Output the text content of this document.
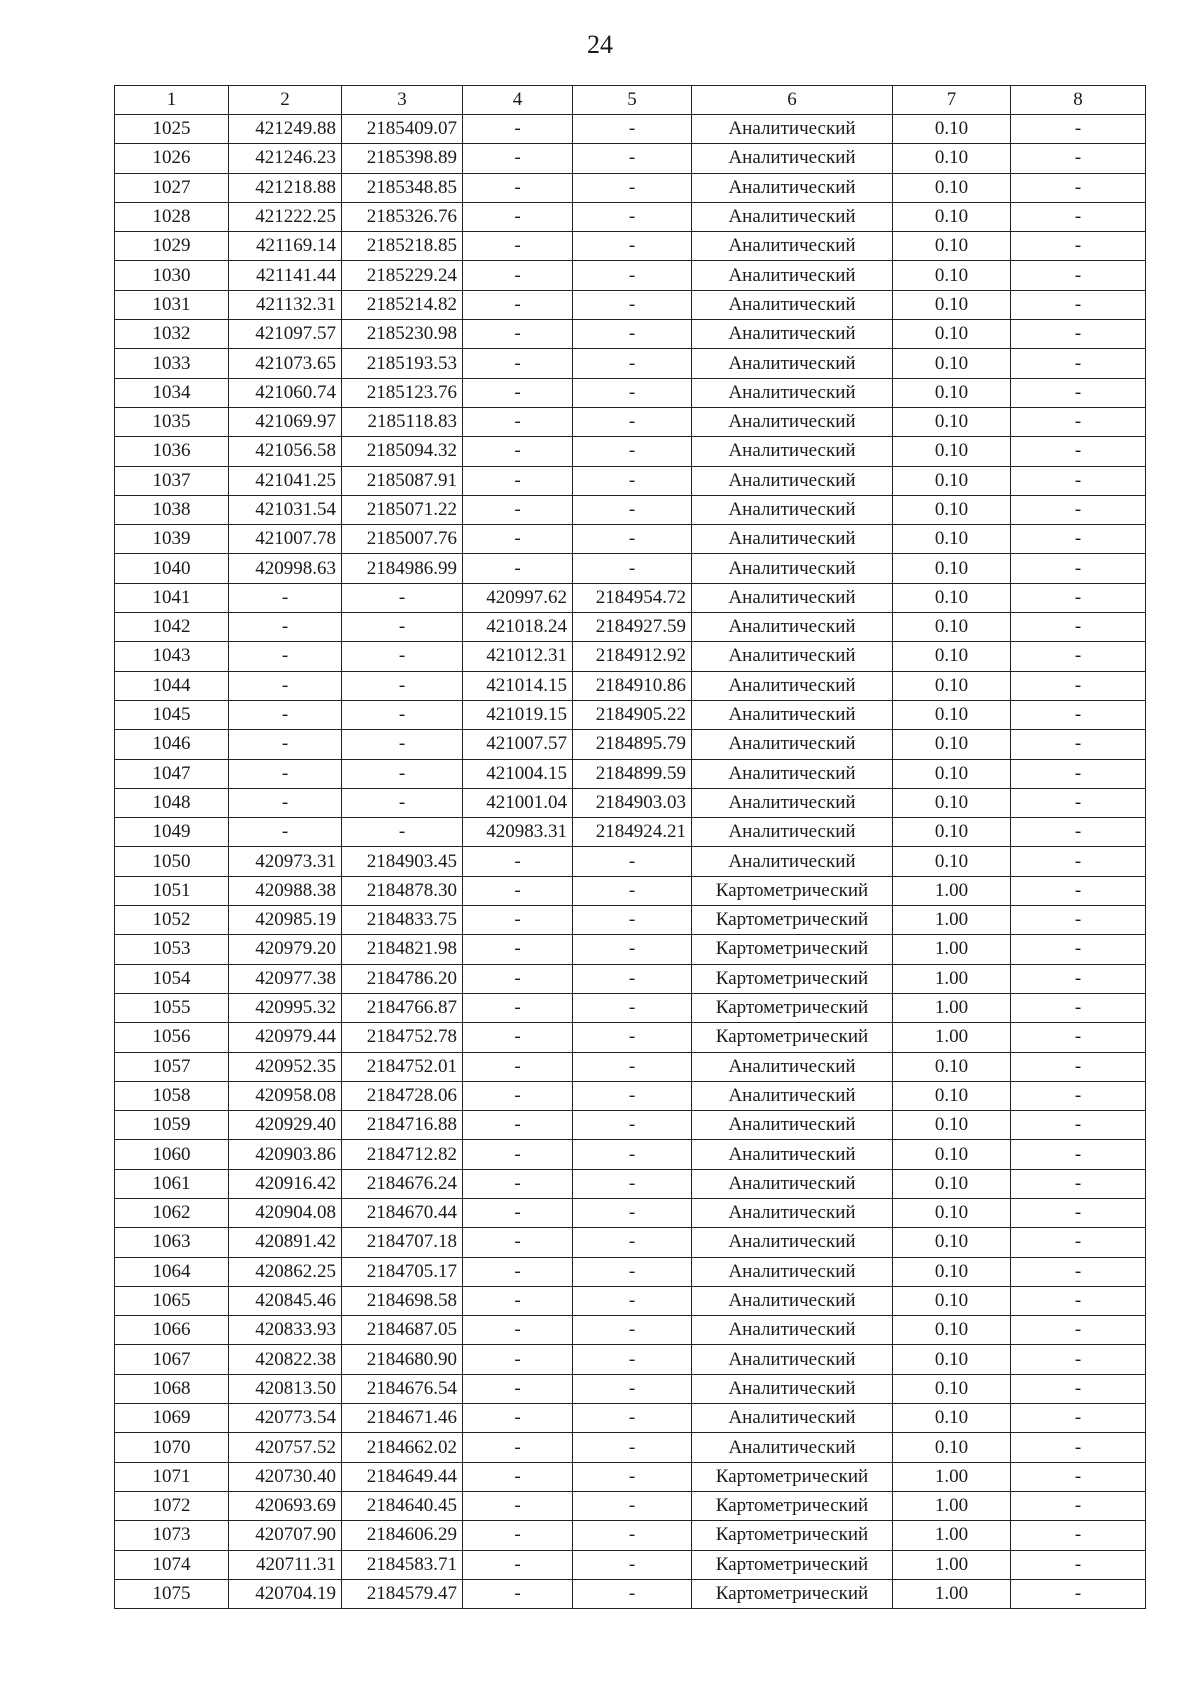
24
1	2	3	4	5	6	7	8
1025	421249.88	2185409.07	-	-	Аналитический	0.10	-
1026	421246.23	2185398.89	-	-	Аналитический	0.10	-
1027	421218.88	2185348.85	-	-	Аналитический	0.10	-
1028	421222.25	2185326.76	-	-	Аналитический	0.10	-
1029	421169.14	2185218.85	-	-	Аналитический	0.10	-
1030	421141.44	2185229.24	-	-	Аналитический	0.10	-
1031	421132.31	2185214.82	-	-	Аналитический	0.10	-
1032	421097.57	2185230.98	-	-	Аналитический	0.10	-
1033	421073.65	2185193.53	-	-	Аналитический	0.10	-
1034	421060.74	2185123.76	-	-	Аналитический	0.10	-
1035	421069.97	2185118.83	-	-	Аналитический	0.10	-
1036	421056.58	2185094.32	-	-	Аналитический	0.10	-
1037	421041.25	2185087.91	-	-	Аналитический	0.10	-
1038	421031.54	2185071.22	-	-	Аналитический	0.10	-
1039	421007.78	2185007.76	-	-	Аналитический	0.10	-
1040	420998.63	2184986.99	-	-	Аналитический	0.10	-
1041	-	-	420997.62	2184954.72	Аналитический	0.10	-
1042	-	-	421018.24	2184927.59	Аналитический	0.10	-
1043	-	-	421012.31	2184912.92	Аналитический	0.10	-
1044	-	-	421014.15	2184910.86	Аналитический	0.10	-
1045	-	-	421019.15	2184905.22	Аналитический	0.10	-
1046	-	-	421007.57	2184895.79	Аналитический	0.10	-
1047	-	-	421004.15	2184899.59	Аналитический	0.10	-
1048	-	-	421001.04	2184903.03	Аналитический	0.10	-
1049	-	-	420983.31	2184924.21	Аналитический	0.10	-
1050	420973.31	2184903.45	-	-	Аналитический	0.10	-
1051	420988.38	2184878.30	-	-	Картометрический	1.00	-
1052	420985.19	2184833.75	-	-	Картометрический	1.00	-
1053	420979.20	2184821.98	-	-	Картометрический	1.00	-
1054	420977.38	2184786.20	-	-	Картометрический	1.00	-
1055	420995.32	2184766.87	-	-	Картометрический	1.00	-
1056	420979.44	2184752.78	-	-	Картометрический	1.00	-
1057	420952.35	2184752.01	-	-	Аналитический	0.10	-
1058	420958.08	2184728.06	-	-	Аналитический	0.10	-
1059	420929.40	2184716.88	-	-	Аналитический	0.10	-
1060	420903.86	2184712.82	-	-	Аналитический	0.10	-
1061	420916.42	2184676.24	-	-	Аналитический	0.10	-
1062	420904.08	2184670.44	-	-	Аналитический	0.10	-
1063	420891.42	2184707.18	-	-	Аналитический	0.10	-
1064	420862.25	2184705.17	-	-	Аналитический	0.10	-
1065	420845.46	2184698.58	-	-	Аналитический	0.10	-
1066	420833.93	2184687.05	-	-	Аналитический	0.10	-
1067	420822.38	2184680.90	-	-	Аналитический	0.10	-
1068	420813.50	2184676.54	-	-	Аналитический	0.10	-
1069	420773.54	2184671.46	-	-	Аналитический	0.10	-
1070	420757.52	2184662.02	-	-	Аналитический	0.10	-
1071	420730.40	2184649.44	-	-	Картометрический	1.00	-
1072	420693.69	2184640.45	-	-	Картометрический	1.00	-
1073	420707.90	2184606.29	-	-	Картометрический	1.00	-
1074	420711.31	2184583.71	-	-	Картометрический	1.00	-
1075	420704.19	2184579.47	-	-	Картометрический	1.00	-
